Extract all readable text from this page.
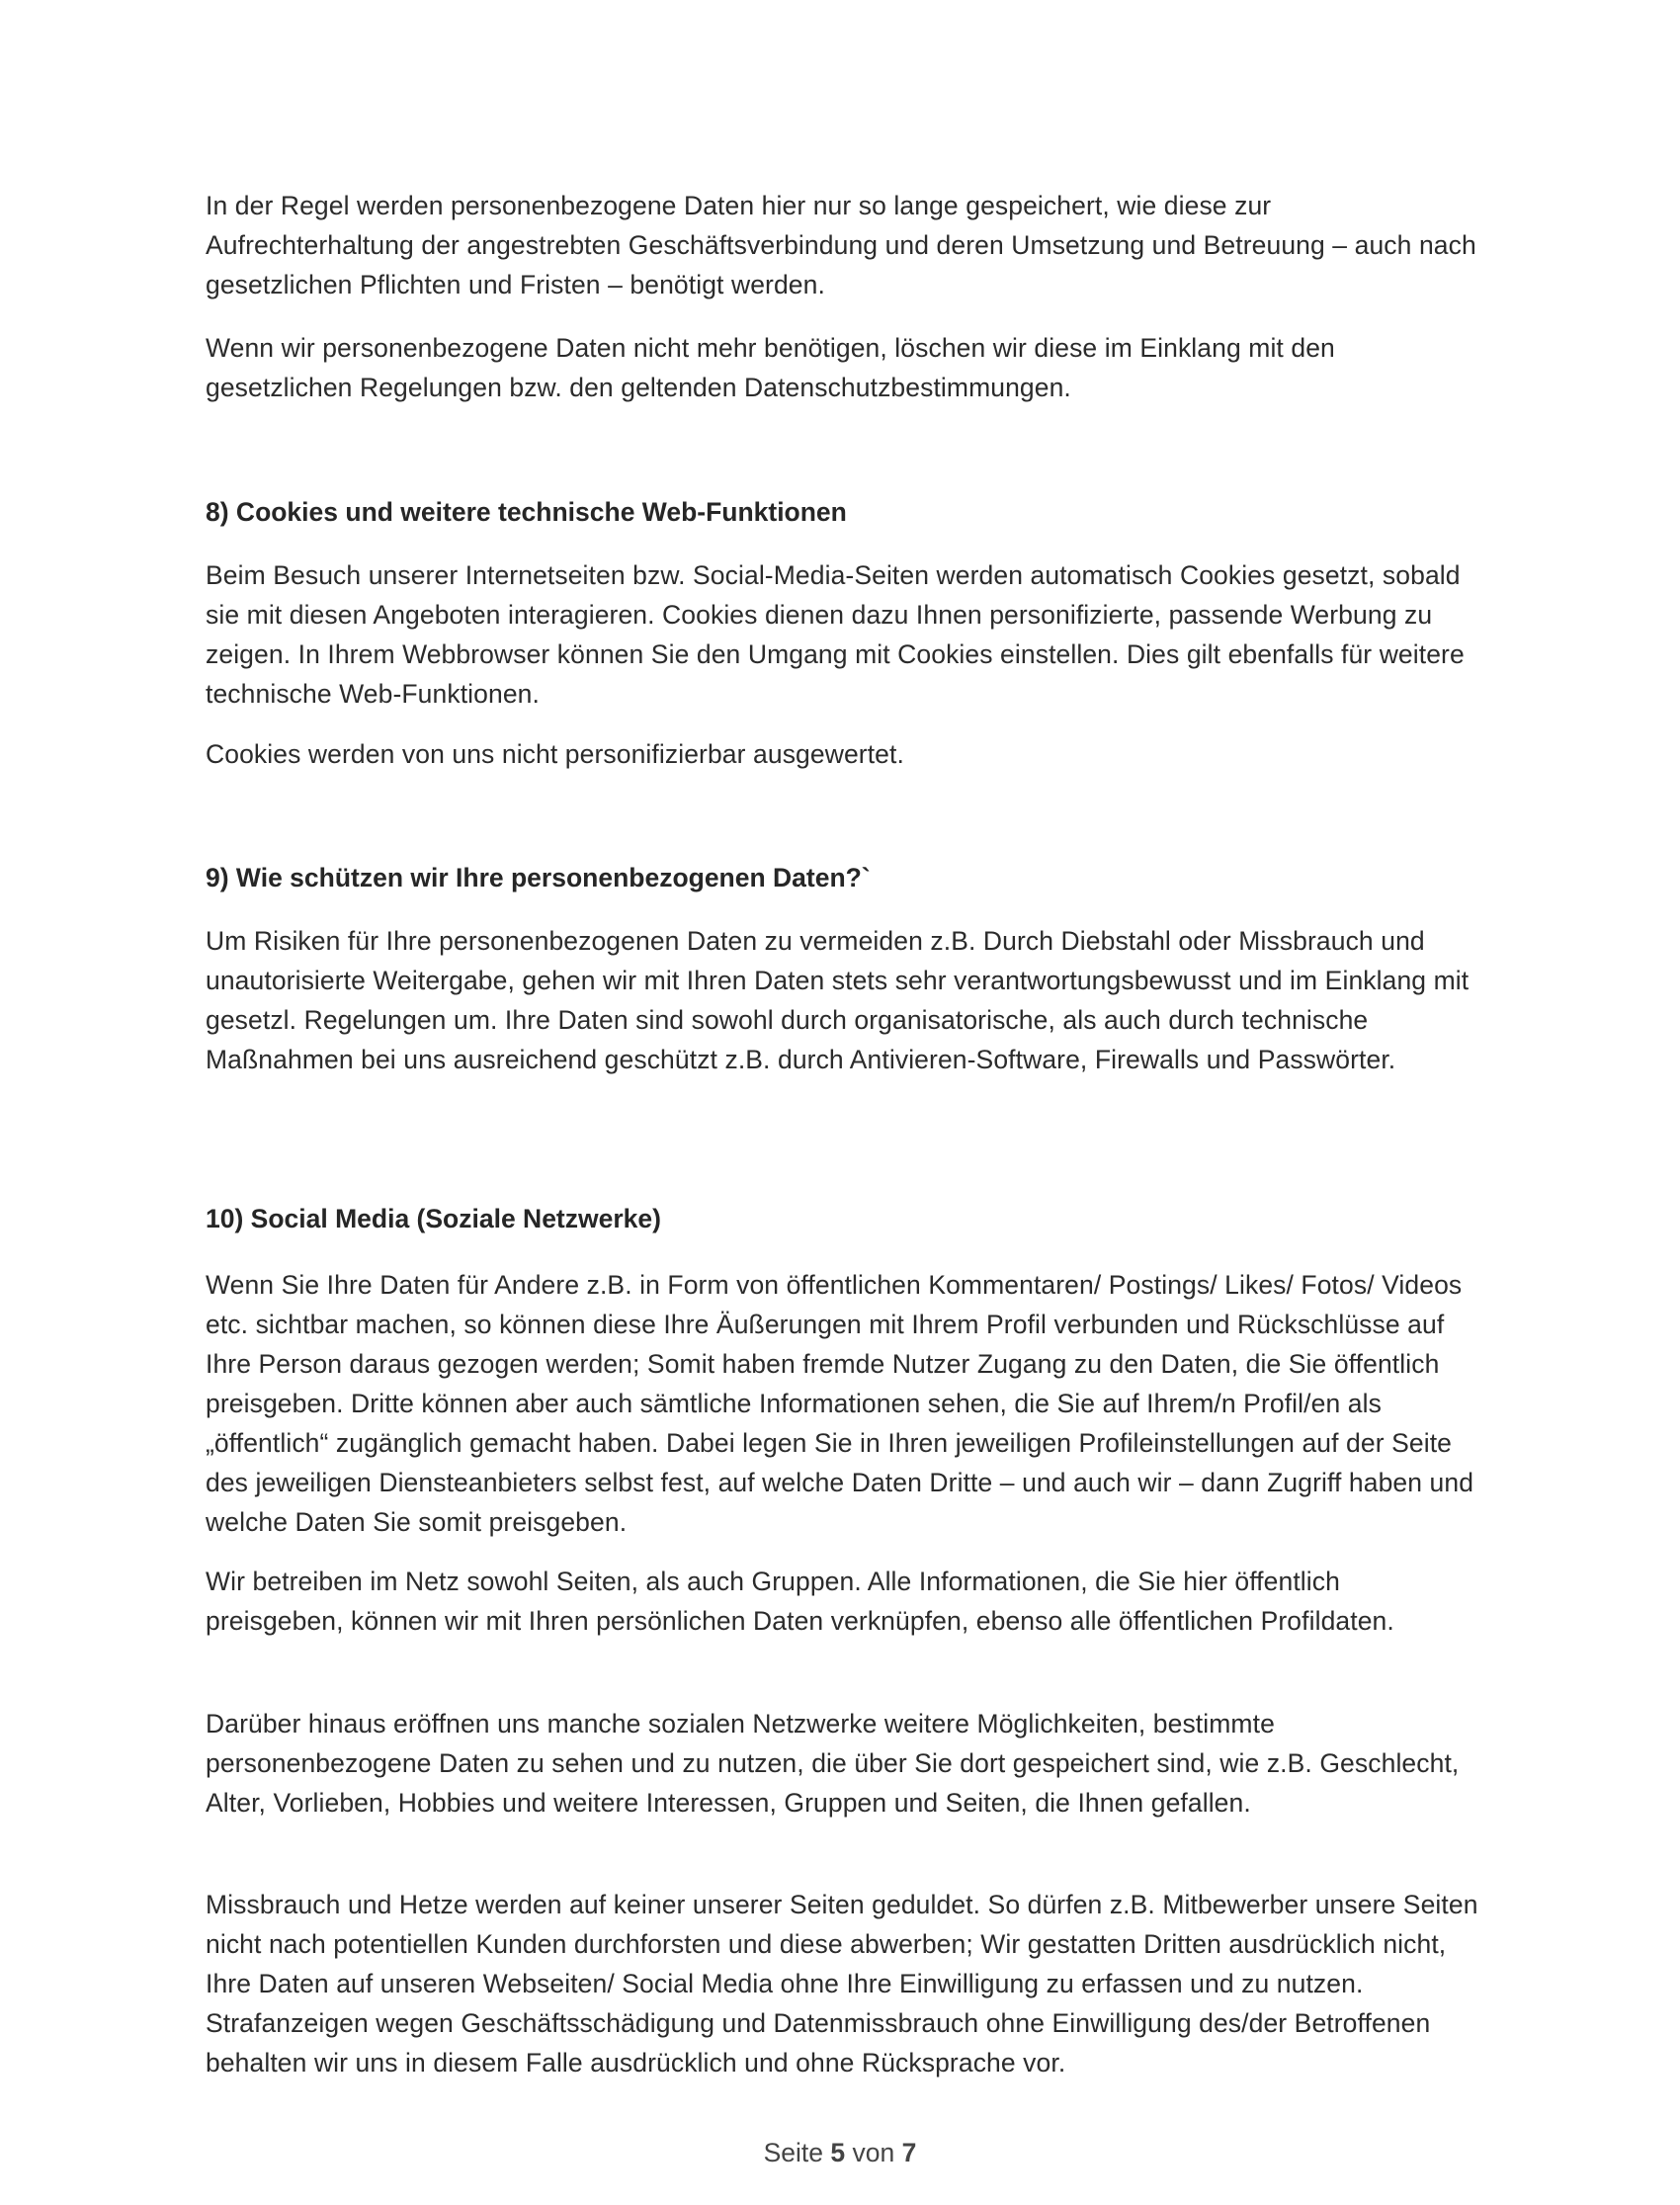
In der Regel werden personenbezogene Daten hier nur so lange gespeichert, wie diese zur Aufrechterhaltung der angestrebten Geschäftsverbindung und deren Umsetzung und Betreuung – auch nach gesetzlichen Pflichten und Fristen – benötigt werden.

Wenn wir personenbezogene Daten nicht mehr benötigen, löschen wir diese im Einklang mit den gesetzlichen Regelungen bzw. den geltenden Datenschutzbestimmungen.

8) Cookies und weitere technische Web-Funktionen

Beim Besuch unserer Internetseiten bzw. Social-Media-Seiten werden automatisch Cookies gesetzt, sobald sie mit diesen Angeboten interagieren. Cookies dienen dazu Ihnen personifizierte, passende Werbung zu zeigen. In Ihrem Webbrowser können Sie den Umgang mit Cookies einstellen. Dies gilt ebenfalls für weitere technische Web-Funktionen.

Cookies werden von uns nicht personifizierbar ausgewertet.

9) Wie schützen wir Ihre personenbezogenen Daten?`

Um Risiken für Ihre personenbezogenen Daten zu vermeiden z.B. Durch Diebstahl oder Missbrauch und unautorisierte Weitergabe, gehen wir mit Ihren Daten stets sehr verantwortungsbewusst und im Einklang mit gesetzl. Regelungen um. Ihre Daten sind sowohl durch organisatorische, als auch durch technische Maßnahmen bei uns ausreichend geschützt z.B. durch Antivieren-Software, Firewalls und Passwörter.

10) Social Media (Soziale Netzwerke)

Wenn Sie Ihre Daten für Andere z.B. in Form von öffentlichen Kommentaren/ Postings/ Likes/ Fotos/ Videos etc. sichtbar machen, so können diese Ihre Äußerungen mit Ihrem Profil verbunden und Rückschlüsse auf Ihre Person daraus gezogen werden; Somit haben fremde Nutzer Zugang zu den Daten, die Sie öffentlich preisgeben. Dritte können aber auch sämtliche Informationen sehen, die Sie auf Ihrem/n Profil/en als „öffentlich“ zugänglich gemacht haben. Dabei legen Sie in Ihren jeweiligen Profileinstellungen auf der Seite des jeweiligen Diensteanbieters selbst fest, auf welche Daten Dritte – und auch wir – dann Zugriff haben und welche Daten Sie somit preisgeben.

Wir betreiben im Netz sowohl Seiten, als auch Gruppen. Alle Informationen, die Sie hier öffentlich preisgeben, können wir mit Ihren persönlichen Daten verknüpfen, ebenso alle öffentlichen Profildaten.

Darüber hinaus eröffnen uns manche sozialen Netzwerke weitere Möglichkeiten, bestimmte personenbezogene Daten zu sehen und zu nutzen, die über Sie dort gespeichert sind, wie z.B. Geschlecht, Alter, Vorlieben, Hobbies und weitere Interessen, Gruppen und Seiten, die Ihnen gefallen.

Missbrauch und Hetze werden auf keiner unserer Seiten geduldet. So dürfen z.B. Mitbewerber unsere Seiten nicht nach potentiellen Kunden durchforsten und diese abwerben; Wir gestatten Dritten ausdrücklich nicht, Ihre Daten auf unseren Webseiten/ Social Media ohne Ihre Einwilligung zu erfassen und zu nutzen. Strafanzeigen wegen Geschäftsschädigung und Datenmissbrauch ohne Einwilligung des/der Betroffenen behalten wir uns in diesem Falle ausdrücklich und ohne Rücksprache vor.

Seite 5 von 7
